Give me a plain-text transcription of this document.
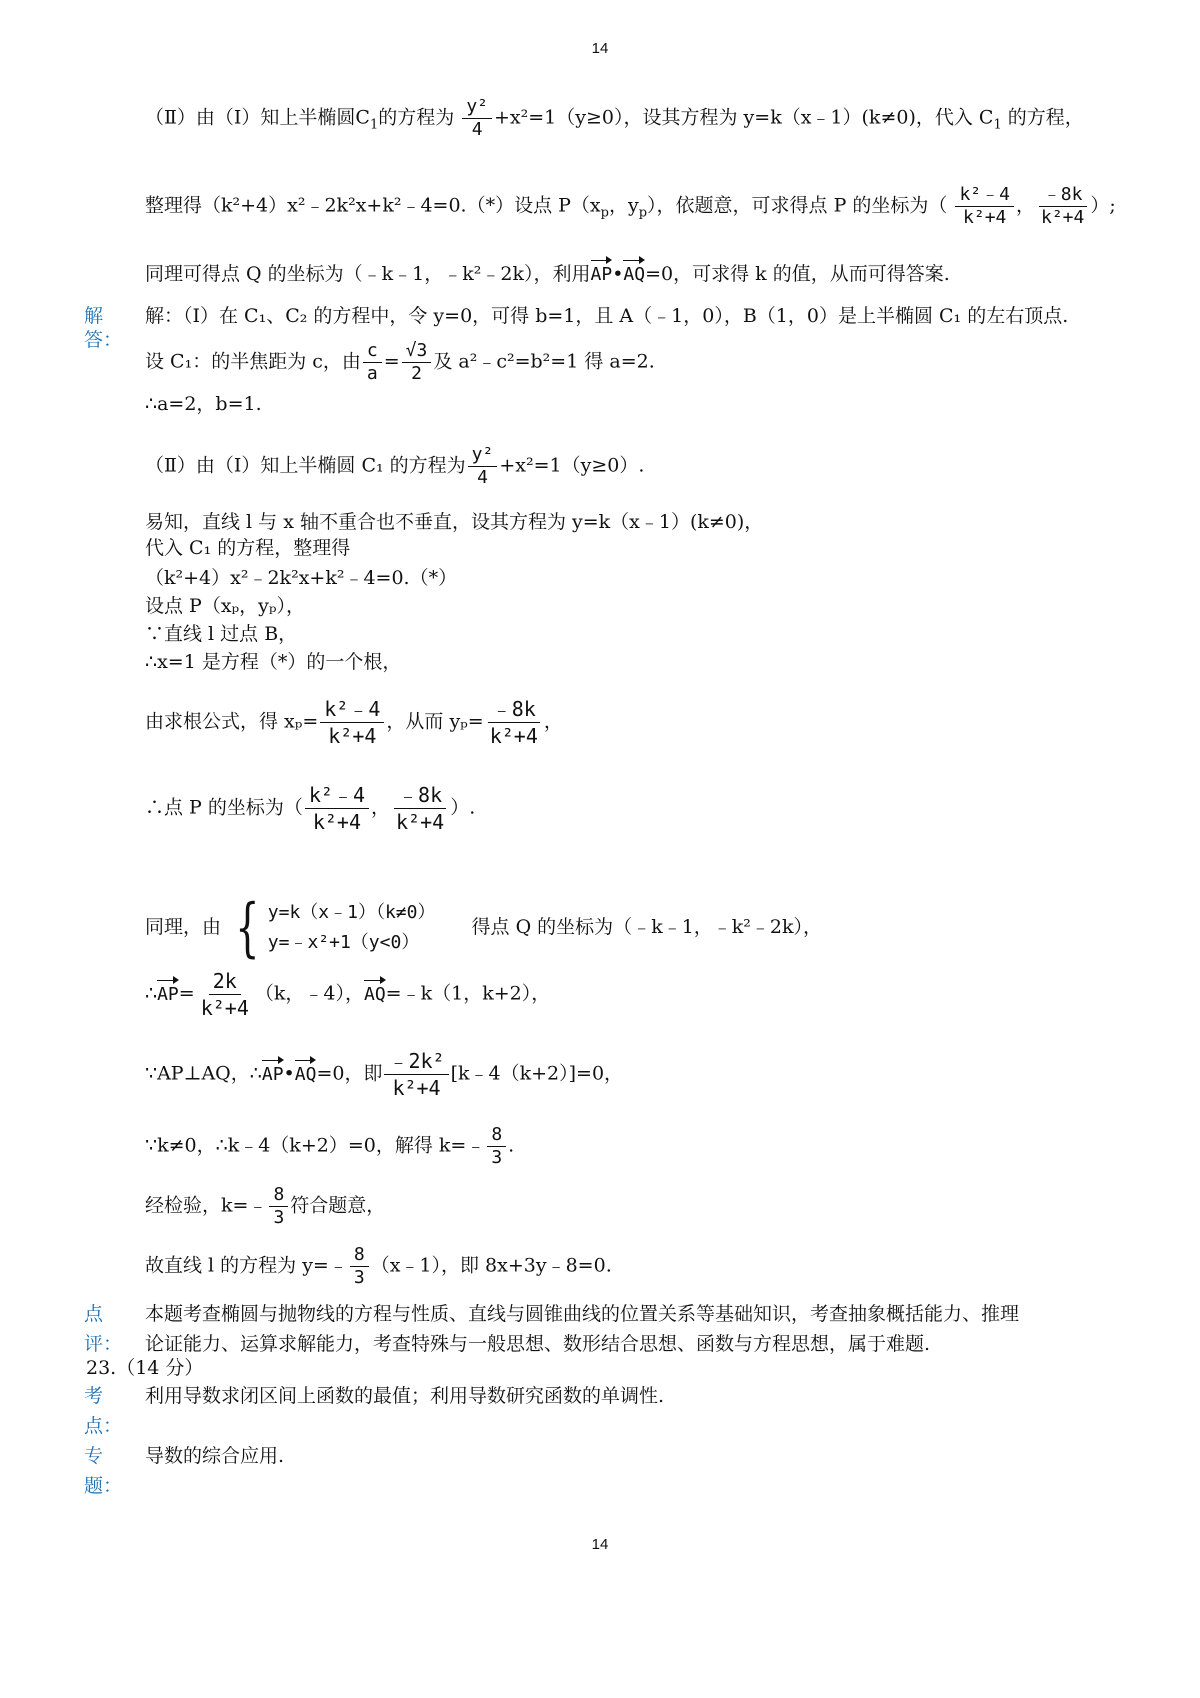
14
（Ⅱ）由（Ⅰ）知上半椭圆$C_1$的方程为 $\frac{\text{y²}}{4} +x^2=1(y\ge 0)$，设其方程为 y=k（x﹣1）(k≠0)，代入 $C_1$ 的方程，
整理得（k²+4）x²﹣2k²x+k²﹣4=0.（*）设点 $P(x_p$，$y_p$），依题意，可求得点 P 的坐标为（ $\frac{\text{k²﹣4}}{\text{k²+4}}$ ， $\frac{﹣8k}{\text{k²+4}}$ ）;
同理可得点 Q 的坐标为（﹣k﹣1，﹣k²﹣2k），利用AP•AQ=0，可求得 k 的值，从而可得答案.
解答：
解：（Ⅰ）在 C₁、C₂ 的方程中，令 y=0，可得 b=1，且 A（﹣1，0），B（1，0）是上半椭圆 C₁ 的左右顶点.
设 C₁：的半焦距为 c，由 $\frac{c}{a} = \frac{√3}{2}$ 及 a²﹣c²=b²=1 得 a=2.
∴a=2，b=1.
（Ⅱ）由（Ⅰ）知上半椭圆 C₁ 的方程为 $\frac{\text{y²}}{4} +x^2=1(y\ge 0)$.
易知，直线 l 与 x 轴不重合也不垂直，设其方程为 y=k（x﹣1）(k≠0)，
代入 C₁ 的方程，整理得
（k²+4）x²﹣2k²x+k²﹣4=0.（*）
设点 P（xₚ，yₚ），
∵直线 l 过点 B，
∴x=1 是方程（*）的一个根，
由求根公式，得 $x_p= \frac{\text{k²﹣4}}{\text{k²+4}}$ ，从而 $y_p= \frac{﹣8k}{\text{k²+4}}$ ，
∴点 P 的坐标为（ $\frac{\text{k²﹣4}}{\text{k²+4}}$ ， $\frac{﹣8k}{\text{k²+4}}$ ）.
同理，由 { y=k（x﹣1）（k≠0）
y=﹣x²+1（y<0）
得点 Q 的坐标为（﹣k﹣1，﹣k²﹣2k），
∴AP= $\frac{2k}{\text{k²+4}} (k$，﹣4），AQ=﹣k（1，k+2），
∵AP⊥AQ，∴AP•AQ=0，即 $\frac{\text{﹣2k²}}{\text{k²+4}}$ [k﹣4（k+2）]=0，
∵k≠0，∴k﹣4（k+2）=0，解得 k=﹣ $\frac{8}{3}$ .
经检验，k=﹣ $\frac{8}{3}$ 符合题意，
故直线 l 的方程为 y=﹣ $\frac{8}{3}$ （x﹣1），即 8x+3y﹣8=0.
点
评：
本题考查椭圆与抛物线的方程与性质、直线与圆锥曲线的位置关系等基础知识，考查抽象概括能力、推理
论证能力、运算求解能力，考查特殊与一般思想、数形结合思想、函数与方程思想，属于难题.
23.（14 分）
考
点：
利用导数求闭区间上函数的最值；利用导数研究函数的单调性.
专
题：
导数的综合应用.
14
